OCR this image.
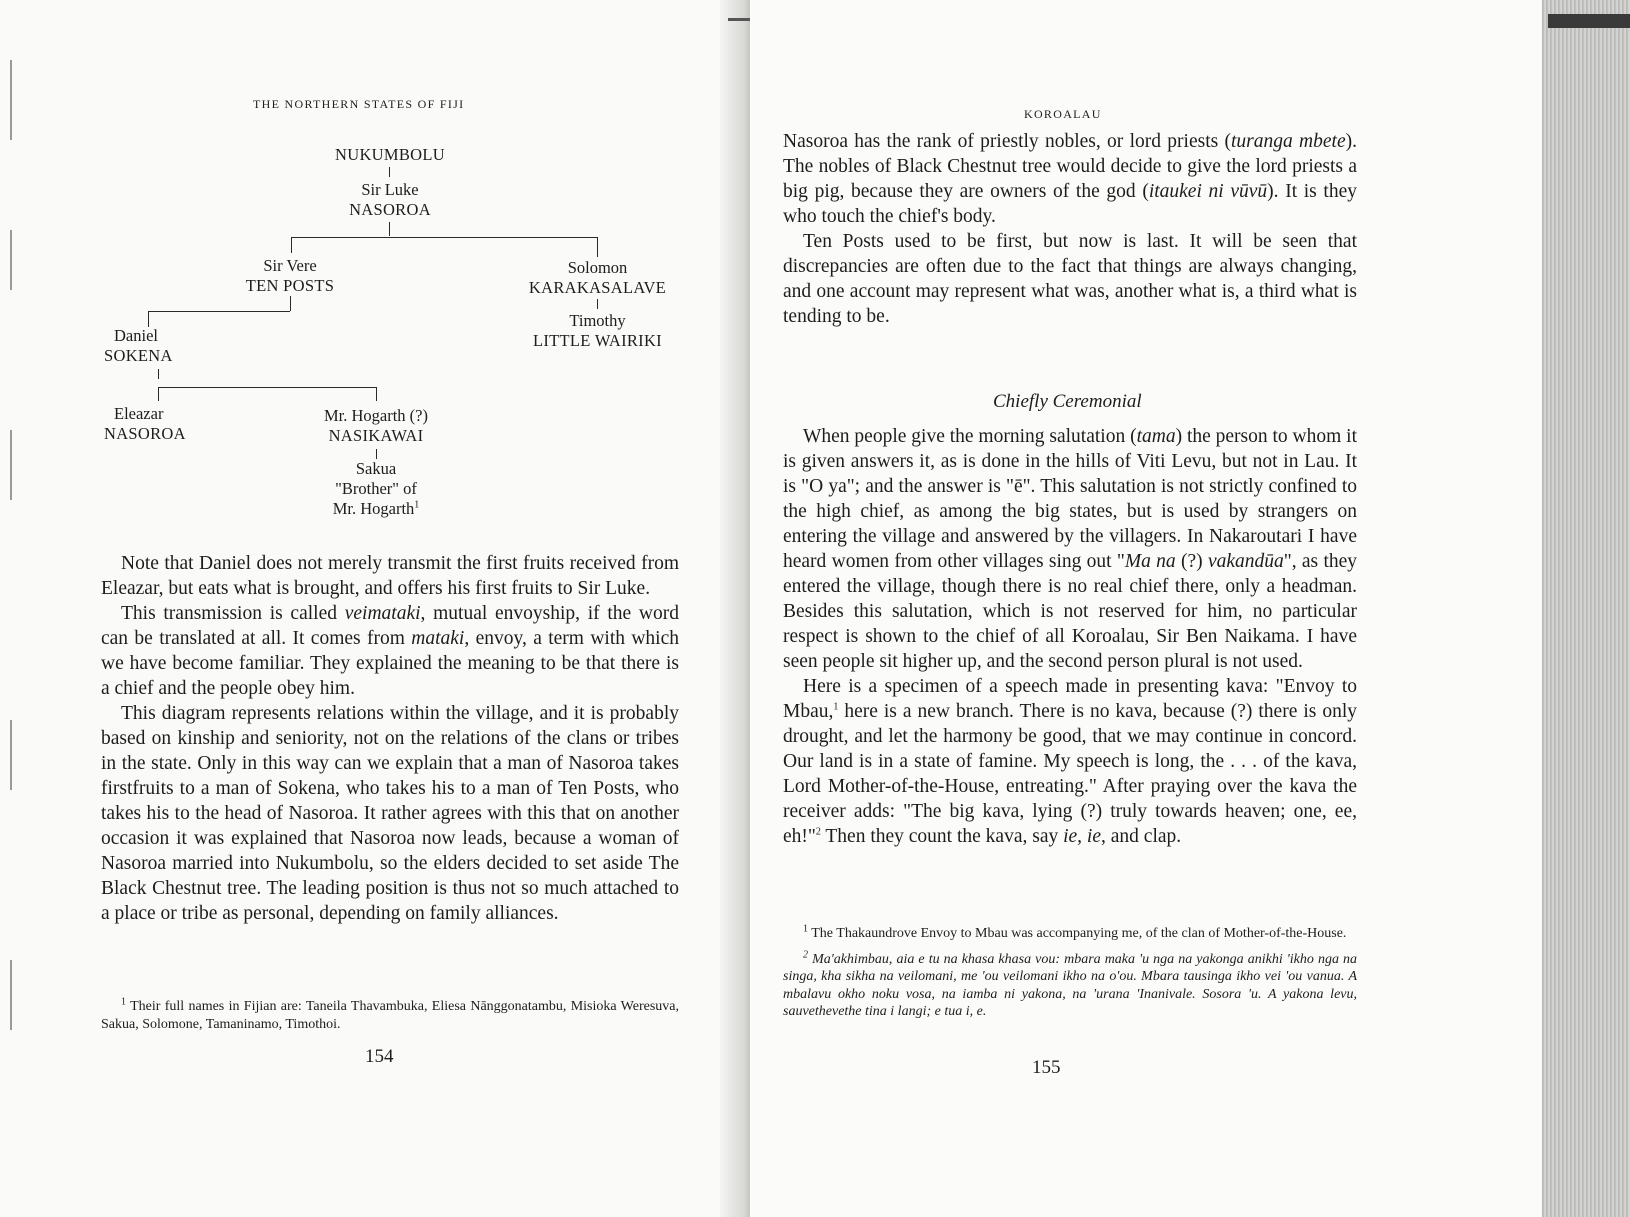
THE NORTHERN STATES OF FIJI
NUKUMBOLU
Sir Luke
NASOROA
Sir Vere
TEN POSTS
Solomon
KARAKASALAVE
Timothy
LITTLE WAIRIKI
Daniel
SOKENA
Eleazar
NASOROA
Mr. Hogarth (?)
NASIKAWAI
Sakua
"Brother" of
Mr. Hogarth$^1$

Note that Daniel does not merely transmit the first fruits received from Eleazar, but eats what is brought, and offers his first fruits to Sir Luke.

This transmission is called veimataki, mutual envoyship, if the word can be translated at all. It comes from mataki, envoy, a term with which we have become familiar. They explained the meaning to be that there is a chief and the people obey him.

This diagram represents relations within the village, and it is probably based on kinship and seniority, not on the relations of the clans or tribes in the state. Only in this way can we explain that a man of Nasoroa takes firstfruits to a man of Sokena, who takes his to a man of Ten Posts, who takes his to the head of Nasoroa. It rather agrees with this that on another occasion it was explained that Nasoroa now leads, because a woman of Nasoroa married into Nukumbolu, so the elders decided to set aside The Black Chestnut tree. The leading position is thus not so much attached to a place or tribe as personal, depending on family alliances.

$^1$ Their full names in Fijian are: Taneila Thavambuka, Eliesa Nānggonatambu, Misioka Weresuva, Sakua, Solomone, Tamaninamo, Timothoi.

154
KOROALAU

Nasoroa has the rank of priestly nobles, or lord priests (turanga mbete). The nobles of Black Chestnut tree would decide to give the lord priests a big pig, because they are owners of the god (itaukei ni vūvū). It is they who touch the chief's body.

Ten Posts used to be first, but now is last. It will be seen that discrepancies are often due to the fact that things are always changing, and one account may represent what was, another what is, a third what is tending to be.

Chiefly Ceremonial

When people give the morning salutation (tama) the person to whom it is given answers it, as is done in the hills of Viti Levu, but not in Lau. It is "O ya"; and the answer is "ē". This salutation is not strictly confined to the high chief, as among the big states, but is used by strangers on entering the village and answered by the villagers. In Nakaroutari I have heard women from other villages sing out "Ma na (?) vakandūa", as they entered the village, though there is no real chief there, only a headman. Besides this salutation, which is not reserved for him, no particular respect is shown to the chief of all Koroalau, Sir Ben Naikama. I have seen people sit higher up, and the second person plural is not used.

Here is a specimen of a speech made in presenting kava: "Envoy to Mbau,$^1$ here is a new branch. There is no kava, because (?) there is only drought, and let the harmony be good, that we may continue in concord. Our land is in a state of famine. My speech is long, the . . . of the kava, Lord Mother-of-the-House, entreating." After praying over the kava the receiver adds: "The big kava, lying (?) truly towards heaven; one, ee, eh!"$^2$ Then they count the kava, say ie, ie, and clap.

$^1$ The Thakaundrove Envoy to Mbau was accompanying me, of the clan of Mother-of-the-House.

$^2$ Ma'akhimbau, aia e tu na khasa khasa vou: mbara maka 'u nga na yakonga anikhi 'ikho nga na singa, kha sikha na veilomani, me 'ou veilomani ikho na o'ou. Mbara tausinga ikho vei 'ou vanua. A mbalavu okho noku vosa, na iamba ni yakona, na 'urana 'Inanivale. Sosora 'u. A yakona levu, sauvethevethe tina i langi; e tua i, e.

155
